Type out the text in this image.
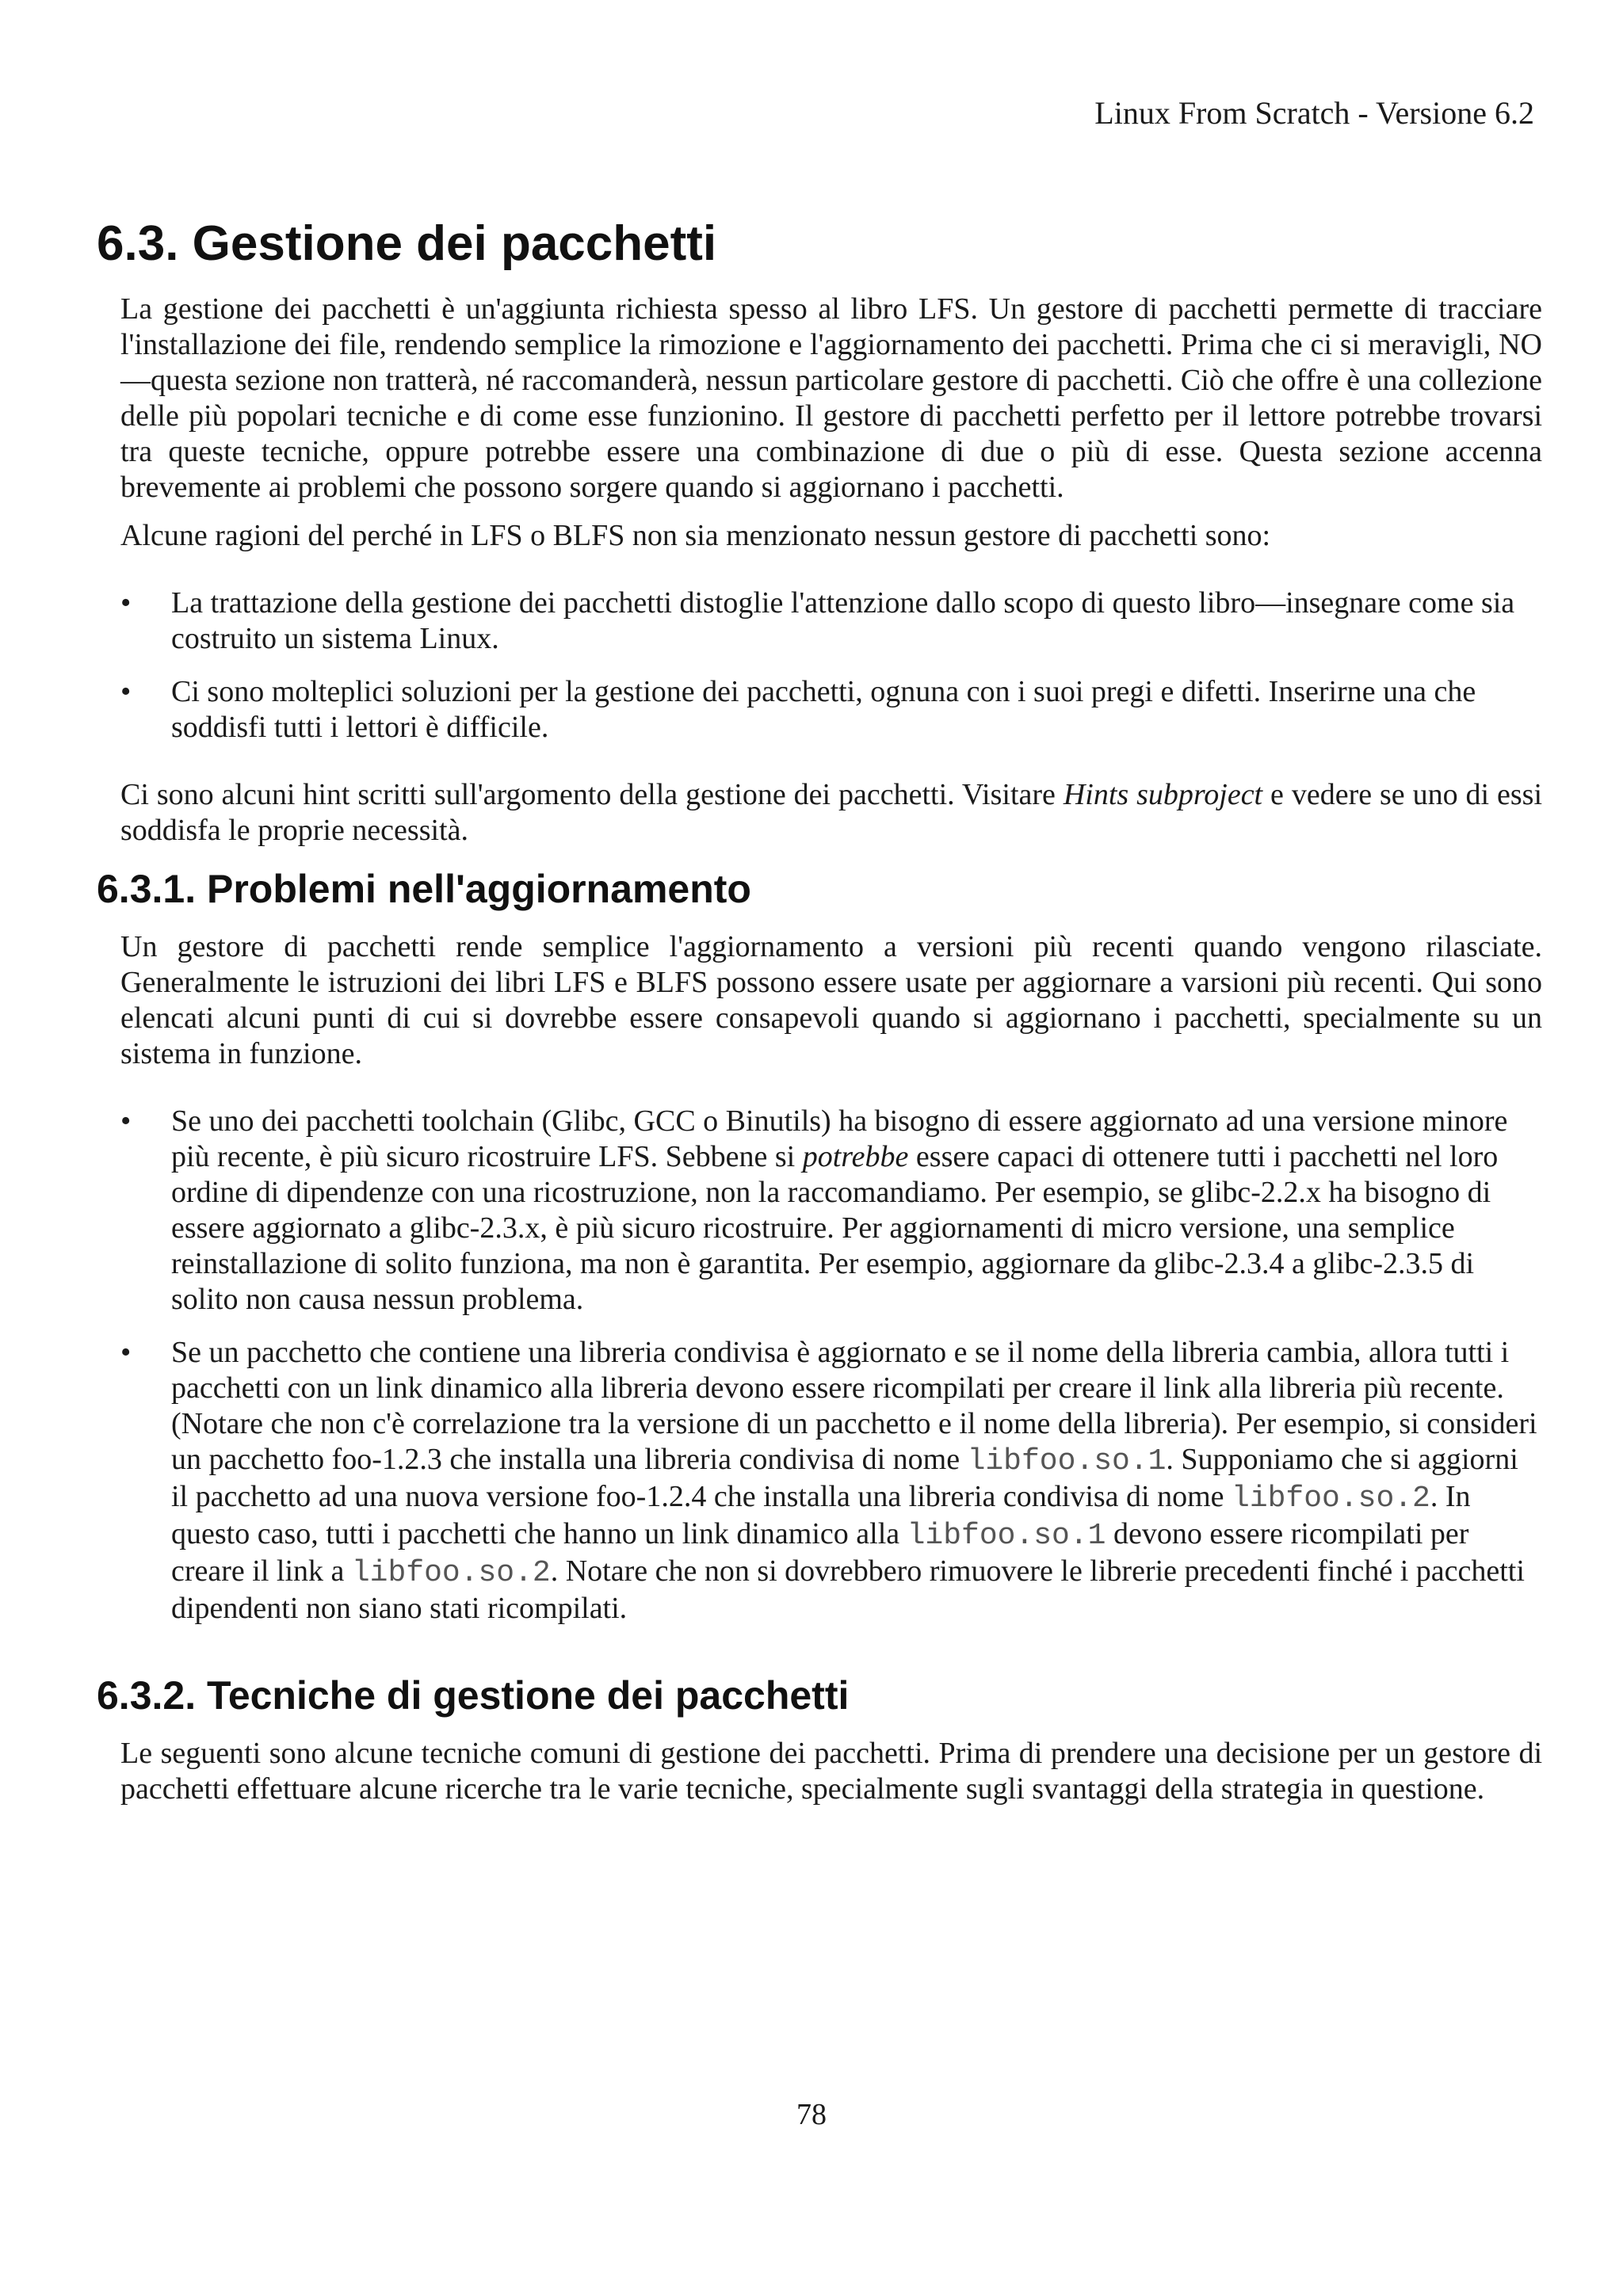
Linux From Scratch - Versione 6.2
6.3. Gestione dei pacchetti

La gestione dei pacchetti è un'aggiunta richiesta spesso al libro LFS. Un gestore di pacchetti permette di tracciare l'installazione dei file, rendendo semplice la rimozione e l'aggiornamento dei pacchetti. Prima che ci si meravigli, NO—questa sezione non tratterà, né raccomanderà, nessun particolare gestore di pacchetti. Ciò che offre è una collezione delle più popolari tecniche e di come esse funzionino. Il gestore di pacchetti perfetto per il lettore potrebbe trovarsi tra queste tecniche, oppure potrebbe essere una combinazione di due o più di esse. Questa sezione accenna brevemente ai problemi che possono sorgere quando si aggiornano i pacchetti.

Alcune ragioni del perché in LFS o BLFS non sia menzionato nessun gestore di pacchetti sono:

•	La trattazione della gestione dei pacchetti distoglie l'attenzione dallo scopo di questo libro—insegnare come sia costruito un sistema Linux.
•	Ci sono molteplici soluzioni per la gestione dei pacchetti, ognuna con i suoi pregi e difetti. Inserirne una che soddisfi tutti i lettori è difficile.

Ci sono alcuni hint scritti sull'argomento della gestione dei pacchetti. Visitare Hints subproject e vedere se uno di essi soddisfa le proprie necessità.

6.3.1. Problemi nell'aggiornamento

Un gestore di pacchetti rende semplice l'aggiornamento a versioni più recenti quando vengono rilasciate. Generalmente le istruzioni dei libri LFS e BLFS possono essere usate per aggiornare a varsioni più recenti. Qui sono elencati alcuni punti di cui si dovrebbe essere consapevoli quando si aggiornano i pacchetti, specialmente su un sistema in funzione.

•	Se uno dei pacchetti toolchain (Glibc, GCC o Binutils) ha bisogno di essere aggiornato ad una versione minore più recente, è più sicuro ricostruire LFS. Sebbene si potrebbe essere capaci di ottenere tutti i pacchetti nel loro ordine di dipendenze con una ricostruzione, non la raccomandiamo. Per esempio, se glibc-2.2.x ha bisogno di essere aggiornato a glibc-2.3.x, è più sicuro ricostruire. Per aggiornamenti di micro versione, una semplice reinstallazione di solito funziona, ma non è garantita. Per esempio, aggiornare da glibc-2.3.4 a glibc-2.3.5 di solito non causa nessun problema.
•	Se un pacchetto che contiene una libreria condivisa è aggiornato e se il nome della libreria cambia, allora tutti i pacchetti con un link dinamico alla libreria devono essere ricompilati per creare il link alla libreria più recente. (Notare che non c'è correlazione tra la versione di un pacchetto e il nome della libreria). Per esempio, si consideri un pacchetto foo-1.2.3 che installa una libreria condivisa di nome libfoo.so.1. Supponiamo che si aggiorni il pacchetto ad una nuova versione foo-1.2.4 che installa una libreria condivisa di nome libfoo.so.2. In questo caso, tutti i pacchetti che hanno un link dinamico alla libfoo.so.1 devono essere ricompilati per creare il link a libfoo.so.2. Notare che non si dovrebbero rimuovere le librerie precedenti finché i pacchetti dipendenti non siano stati ricompilati.
6.3.2. Tecniche di gestione dei pacchetti

Le seguenti sono alcune tecniche comuni di gestione dei pacchetti. Prima di prendere una decisione per un gestore di pacchetti effettuare alcune ricerche tra le varie tecniche, specialmente sugli svantaggi della strategia in questione.

78
